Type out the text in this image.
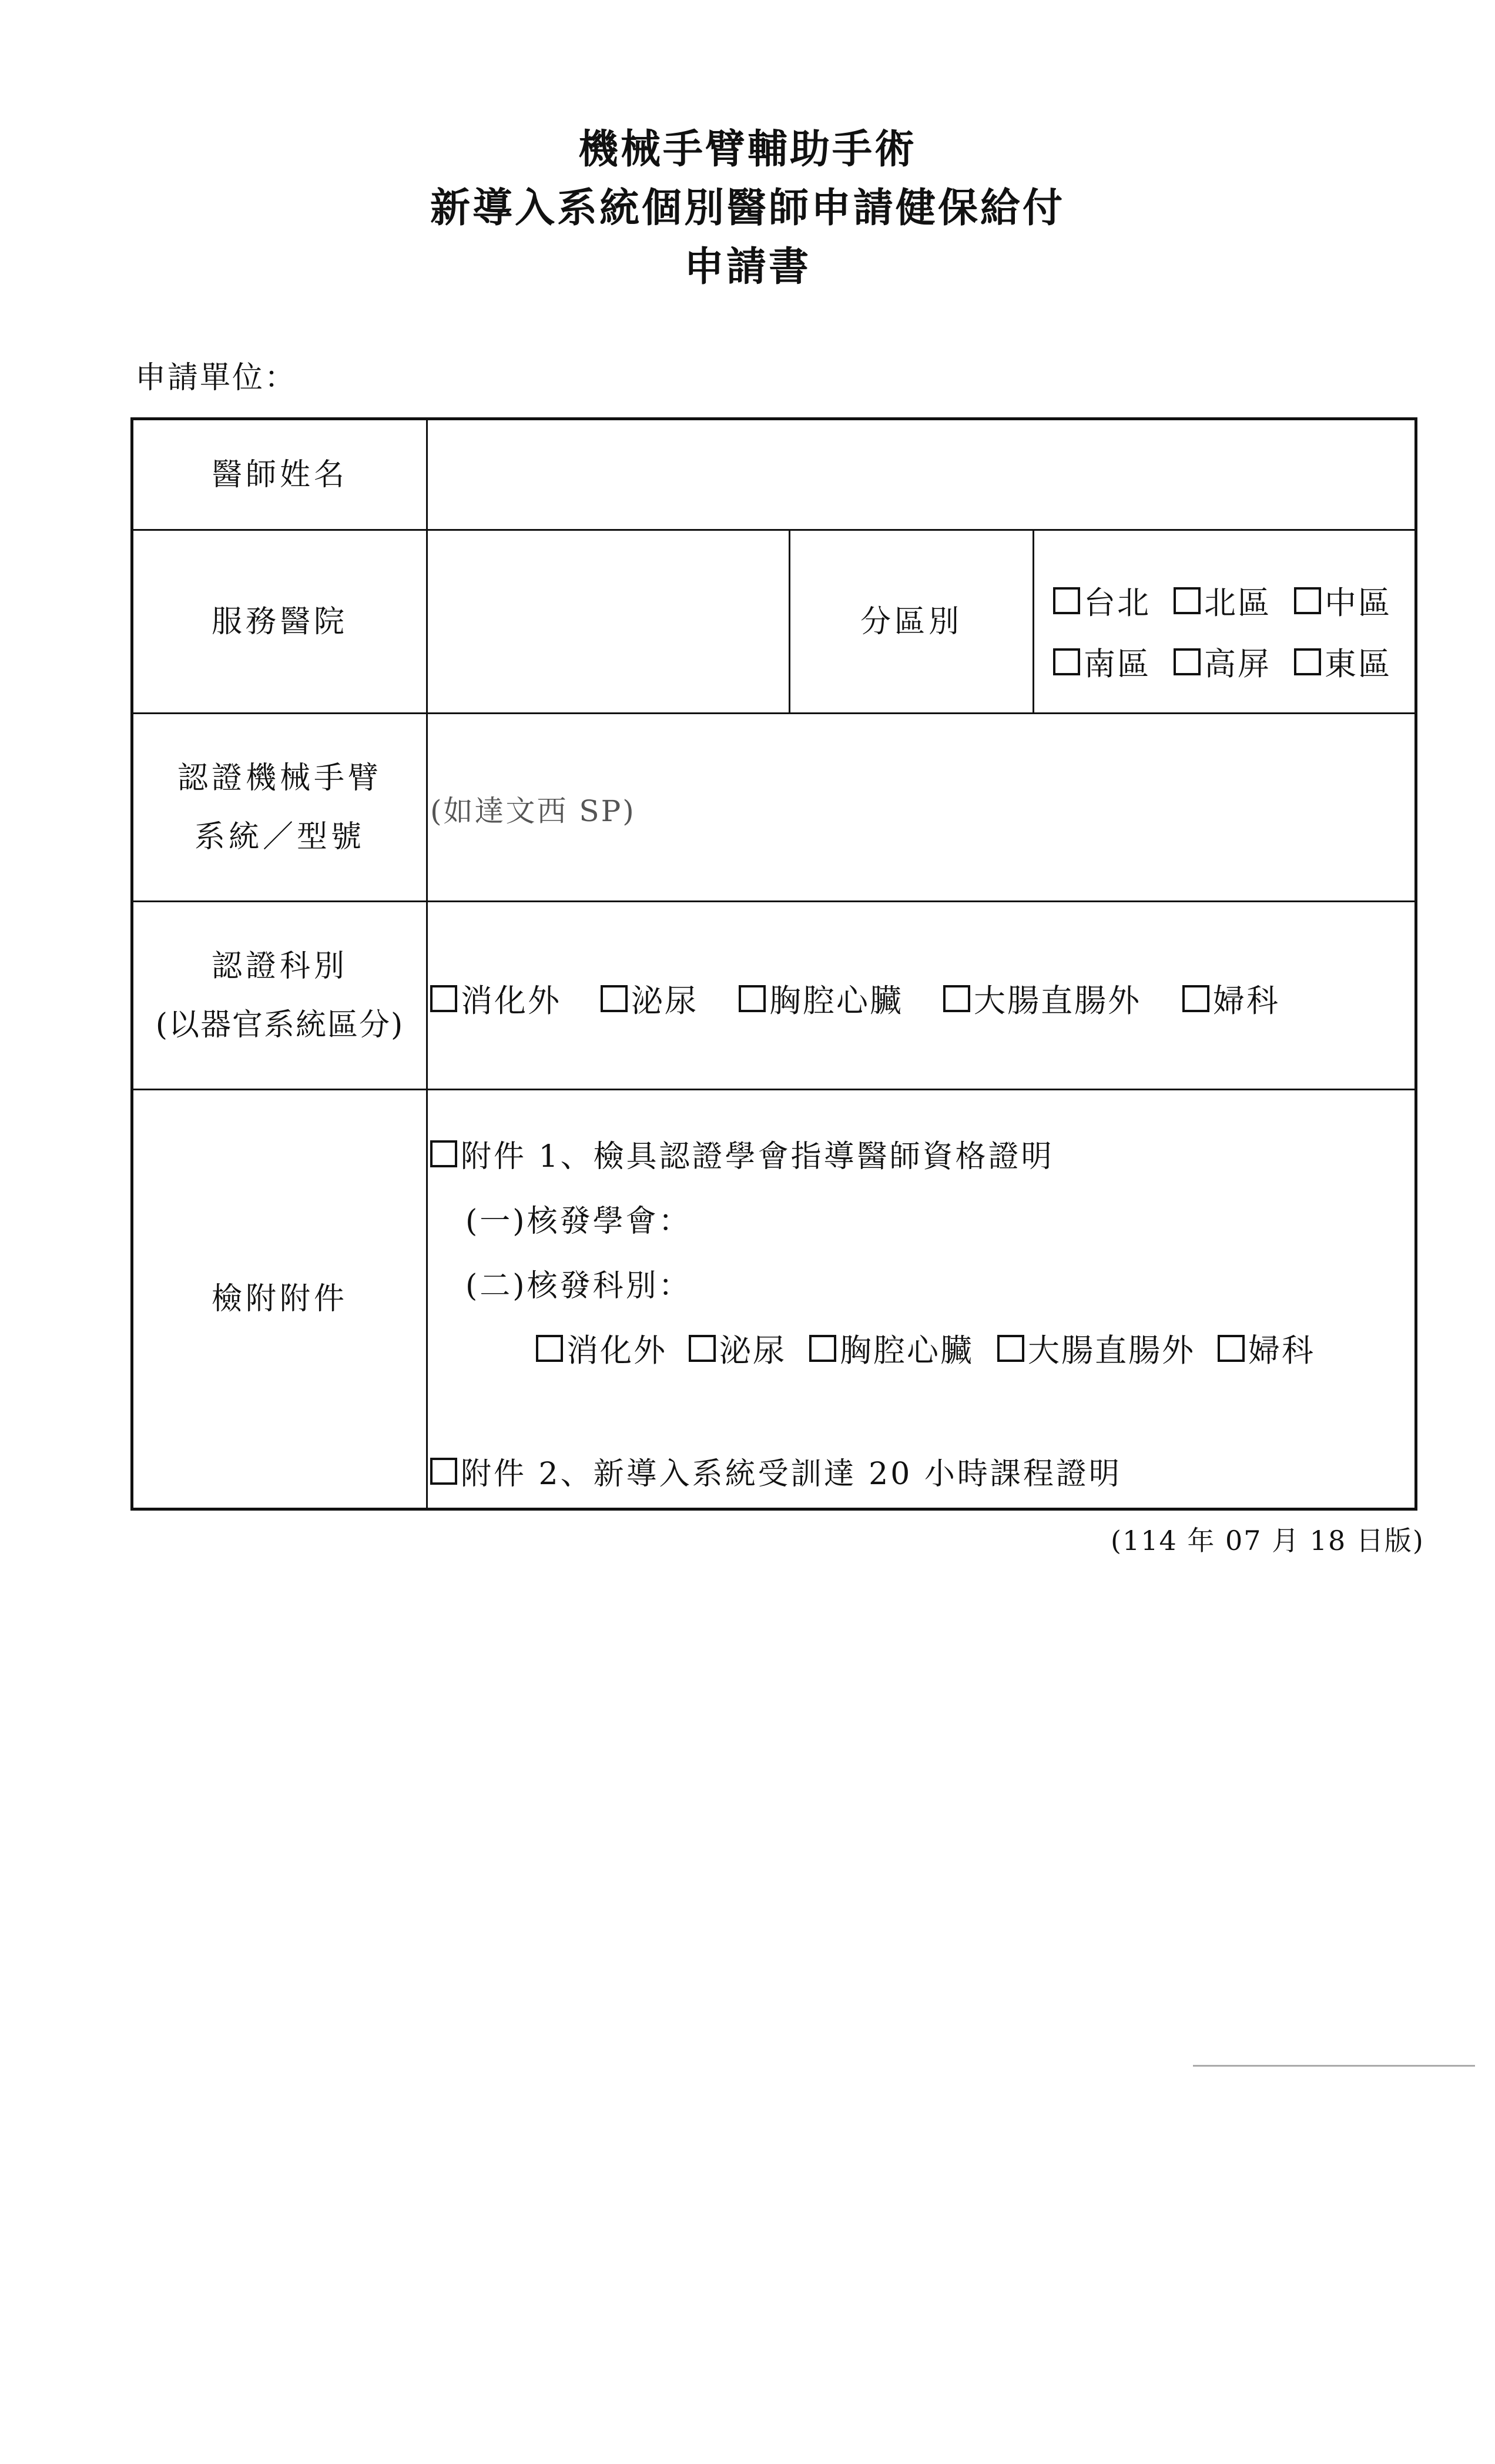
機械手臂輔助手術
新導入系統個別醫師申請健保給付
申請書
申請單位：
醫師姓名
服務醫院	分區別
台北 北區 中區
南區 高屏 東區
認證機械手臂
系統／型號
(如達文西 SP)
認證科別
(以器官系統區分)
消化外 泌尿 胸腔心臟 大腸直腸外 婦科
檢附附件
附件 1、檢具認證學會指導醫師資格證明
(一)核發學會：
(二)核發科別：
消化外 泌尿 胸腔心臟 大腸直腸外 婦科
附件 2、新導入系統受訓達 20 小時課程證明
(114 年 07 月 18 日版)
